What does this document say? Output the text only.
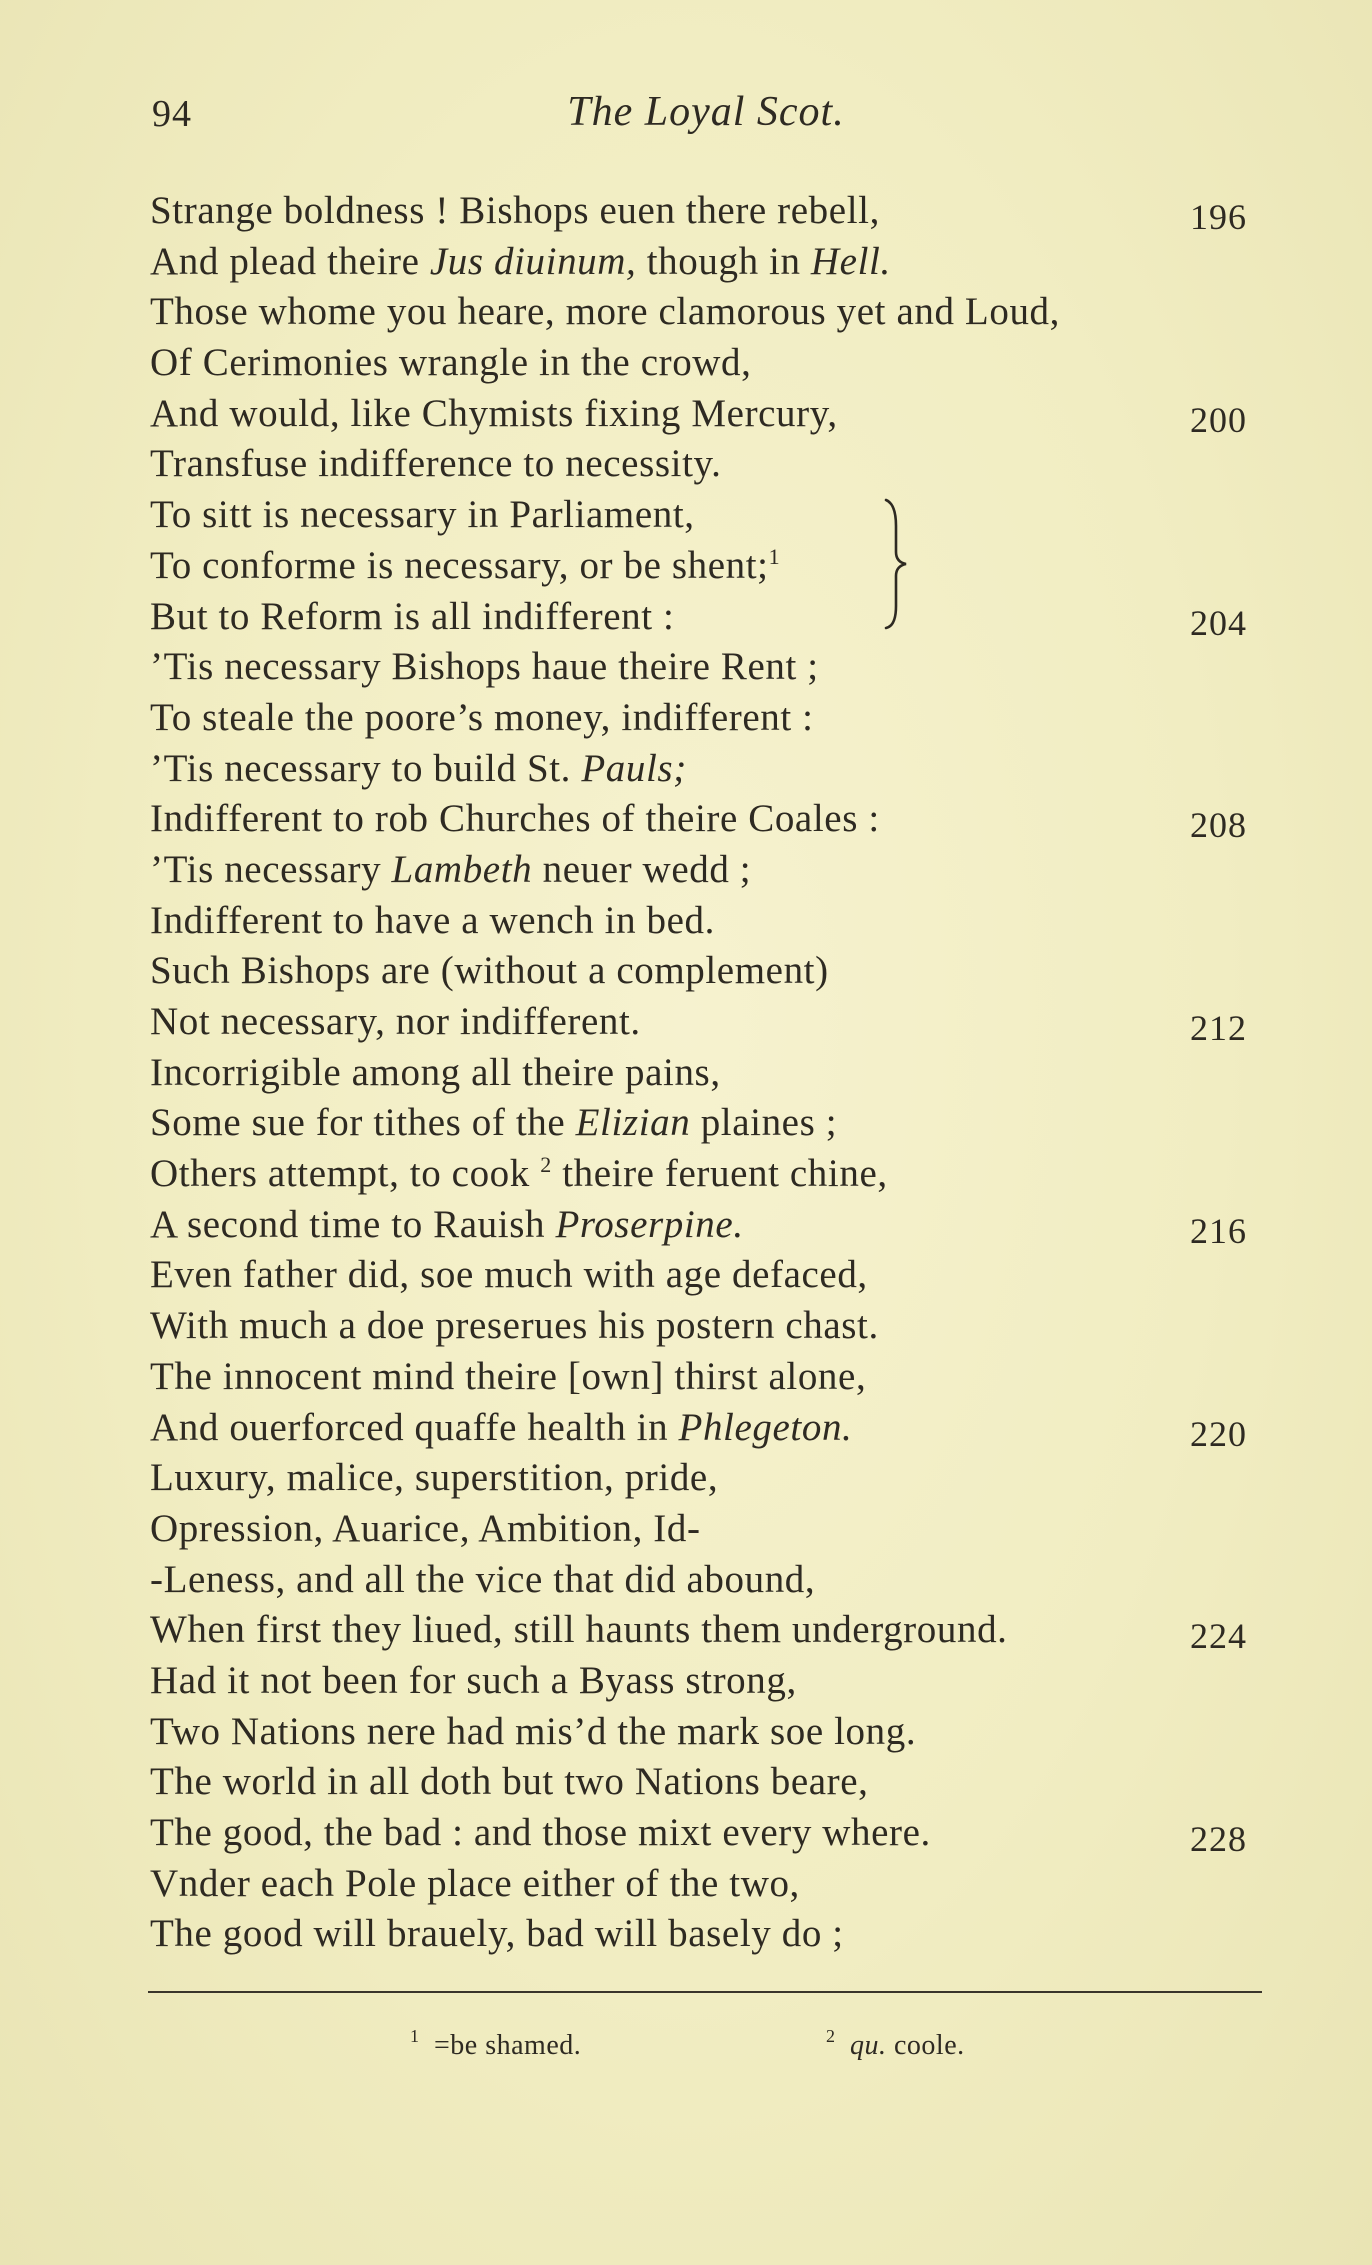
94	The Loyal Scot.
Strange boldness ! Bishops euen there rebell,	196
And plead theire Jus diuinum, though in Hell.
Those whome you heare, more clamorous yet and Loud,
Of Cerimonies wrangle in the crowd,
And would, like Chymists fixing Mercury,	200
Transfuse indifference to necessity.
To sitt is necessary in Parliament,
To conforme is necessary, or be shent;$^1$
But to Reform is all indifferent :	204
’Tis necessary Bishops haue theire Rent ;
To steale the poore’s money, indifferent :
’Tis necessary to build St. Pauls;
Indifferent to rob Churches of theire Coales :	208
’Tis necessary Lambeth neuer wedd ;
Indifferent to have a wench in bed.
Such Bishops are (without a complement)
Not necessary, nor indifferent.	212
Incorrigible among all theire pains,
Some sue for tithes of the Elizian plaines ;
Others attempt, to cook $^2$ theire feruent chine,
A second time to Rauish Proserpine.	216
Even father did, soe much with age defaced,
With much a doe preserues his postern chast.
The innocent mind theire [own] thirst alone,
And ouerforced quaffe health in Phlegeton.	220
Luxury, malice, superstition, pride,
Opression, Auarice, Ambition, Id-
-Leness, and all the vice that did abound,
When first they liued, still haunts them underground.	224
Had it not been for such a Byass strong,
Two Nations nere had mis’d the mark soe long.
The world in all doth but two Nations beare,
The good, the bad : and those mixt every where.	228
Vnder each Pole place either of the two,
The good will brauely, bad will basely do ;
$^1$  =be shamed.	$^2$  qu. coole.
